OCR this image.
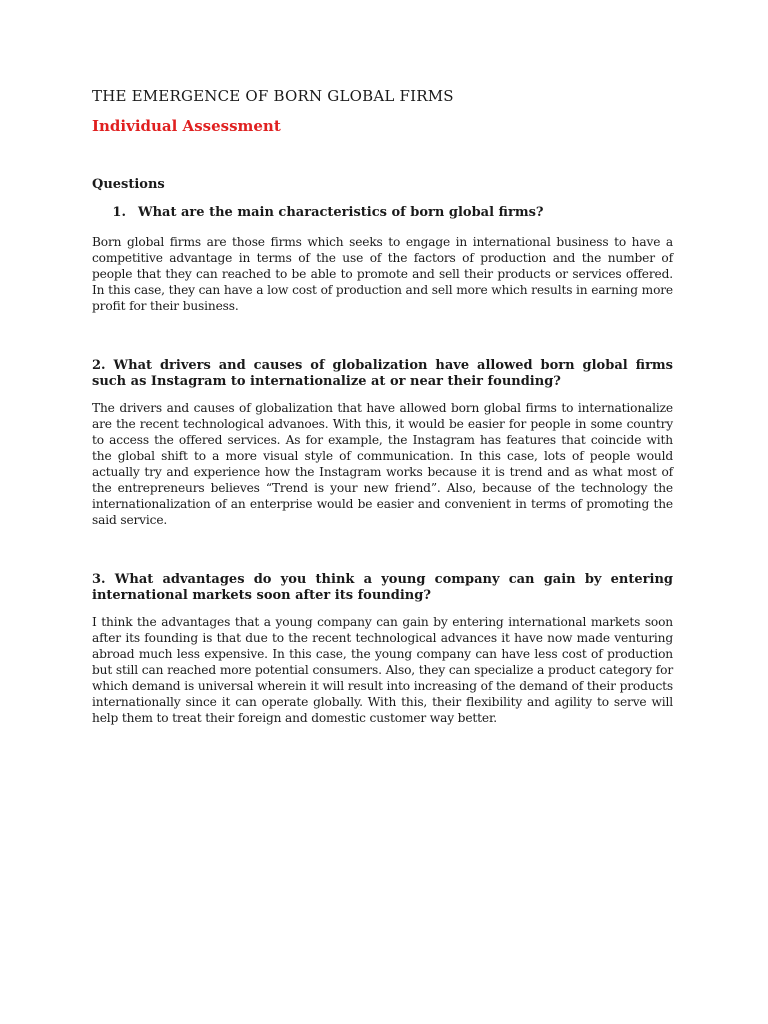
THE EMERGENCE OF BORN GLOBAL FIRMS
Individual Assessment
Questions
1. What are the main characteristics of born global firms?
Born global firms are those firms which seeks to engage in international business to have a competitive advantage in terms of the use of the factors of production and the number of people that they can reached to be able to promote and sell their products or services offered. In this case, they can have a low cost of production and sell more which results in earning more profit for their business.
2. What drivers and causes of globalization have allowed born global firms such as Instagram to internationalize at or near their founding?
The drivers and causes of globalization that have allowed born global firms to internationalize are the recent technological advanoes. With this, it would be easier for people in some country to access the offered services. As for example, the Instagram has features that coincide with the global shift to a more visual style of communication. In this case, lots of people would actually try and experience how the Instagram works because it is trend and as what most of the entrepreneurs believes “Trend is your new friend”. Also, because of the technology the internationalization of an enterprise would be easier and convenient in terms of promoting the said service.
3. What advantages do you think a young company can gain by entering international markets soon after its founding?
I think the advantages that a young company can gain by entering international markets soon after its founding is that due to the recent technological advances it have now made venturing abroad much less expensive. In this case, the young company can have less cost of production but still can reached more potential consumers. Also, they can specialize a product category for which demand is universal wherein it will result into increasing of the demand of their products internationally since it can operate globally. With this, their flexibility and agility to serve will help them to treat their foreign and domestic customer way better.
